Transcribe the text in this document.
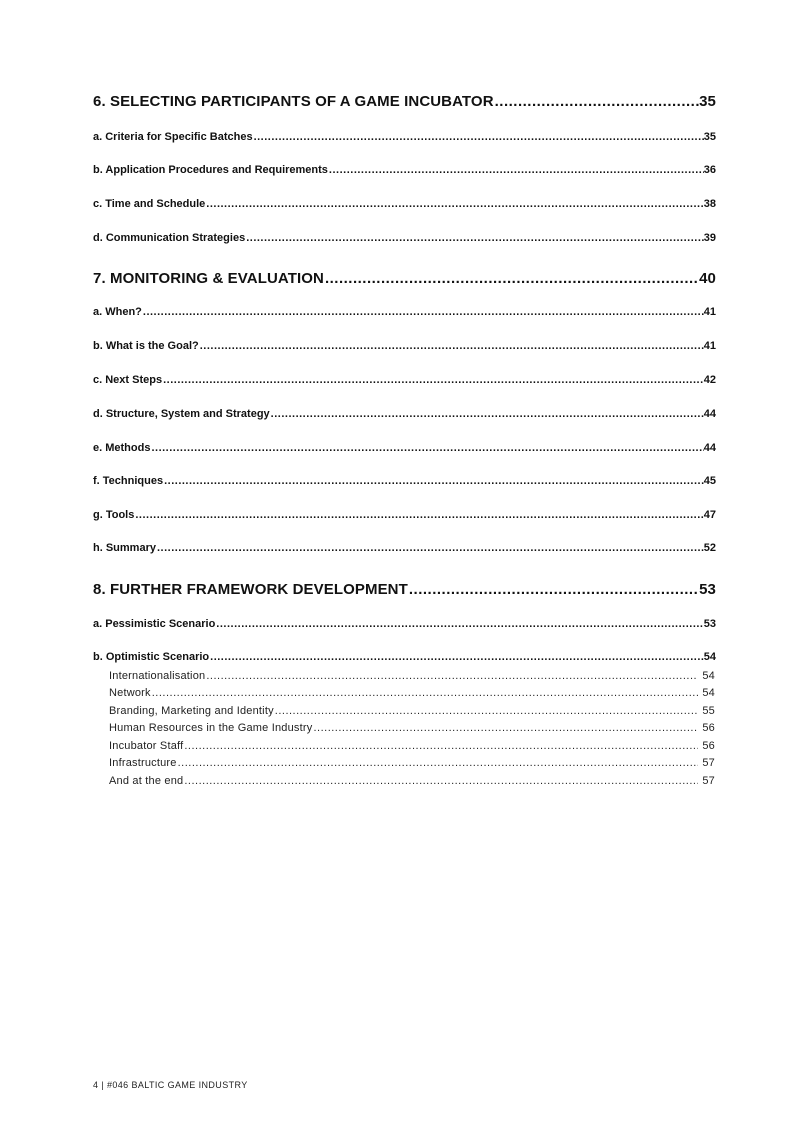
6. SELECTING PARTICIPANTS OF A GAME INCUBATOR .....	35
a. Criteria for Specific Batches .....	35
b. Application Procedures and Requirements .....	36
c. Time and Schedule .....	38
d. Communication Strategies .....	39
7. MONITORING & EVALUATION .....	40
a. When? .....	41
b. What is the Goal? .....	41
c. Next Steps .....	42
d. Structure, System and Strategy .....	44
e. Methods .....	44
f. Techniques .....	45
g. Tools .....	47
h. Summary .....	52
8. FURTHER FRAMEWORK DEVELOPMENT .....	53
a. Pessimistic Scenario .....	53
b. Optimistic Scenario .....	54
Internationalisation .....	54
Network .....	54
Branding, Marketing and Identity .....	55
Human Resources in the Game Industry .....	56
Incubator Staff .....	56
Infrastructure .....	57
And at the end .....	57
4 | #046 BALTIC GAME INDUSTRY
